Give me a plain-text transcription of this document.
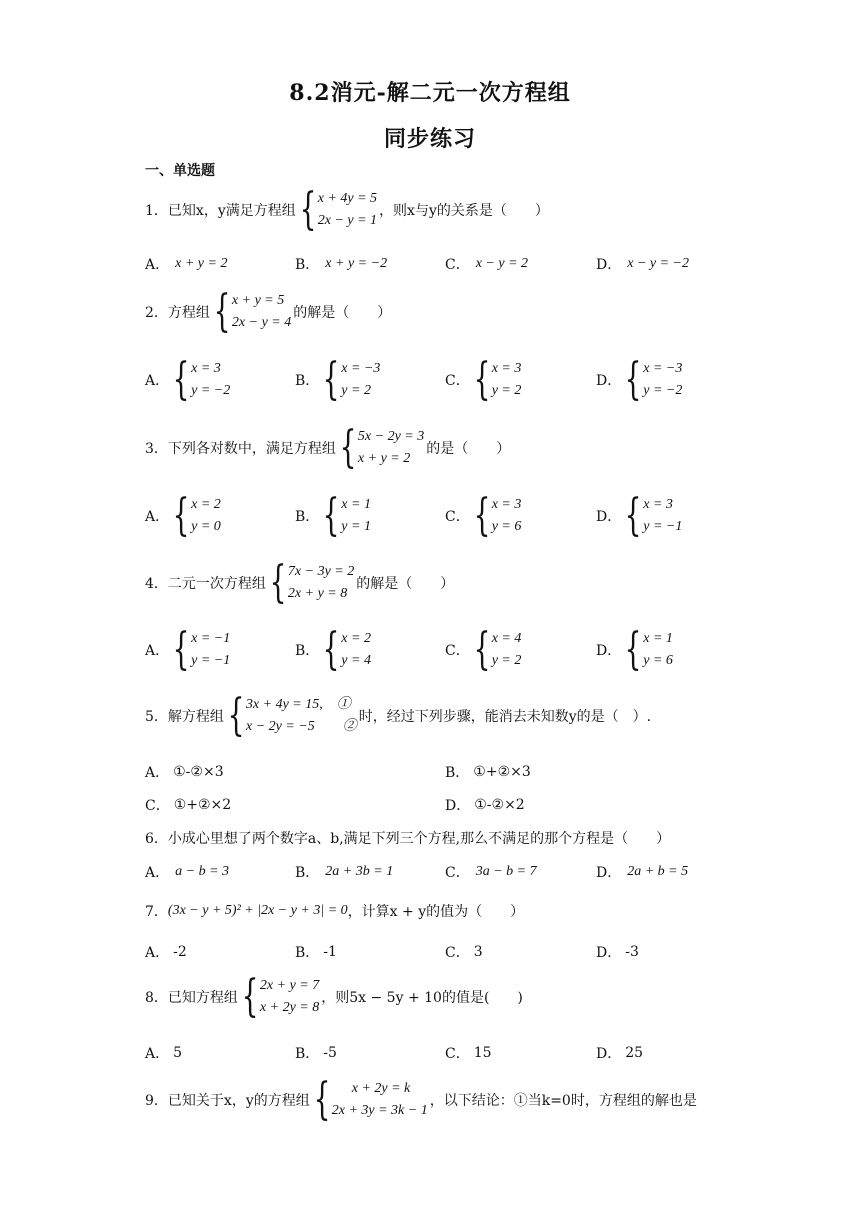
8.2消元-解二元一次方程组
同步练习
一、单选题
1． 已知x，y满足方程组 { x + 4y = 5
2x − y = 1
，则x与y的关系是（　　）
A． x + y = 2	B． x + y = −2	C． x − y = 2	D． x − y = −2
2． 方程组 { x + y = 5
2x − y = 4
的解是（　　）
A． { x = 3
y = −2
B． { x = −3
y = 2
C． { x = 3
y = 2
D． { x = −3
y = −2
3． 下列各对数中，满足方程组 { 5x − 2y = 3
x + y = 2
的是（　　）
A． { x = 2
y = 0
B． { x = 1
y = 1
C． { x = 3
y = 6
D． { x = 3
y = −1
4． 二元一次方程组 { 7x − 3y = 2
2x + y = 8
的解是（　　）
A． { x = −1
y = −1
B． { x = 2
y = 4
C． { x = 4
y = 2
D． { x = 1
y = 6
5． 解方程组 { 3x + 4y = 15,　①
x − 2y = −5　　②
时，经过下列步骤，能消去未知数y的是（　）.
A． ①-②×3	B． ①+②×3
C． ①+②×2	D． ①-②×2
6． 小成心里想了两个数字a、b,满足下列三个方程,那么不满足的那个方程是（　　）
A． a − b = 3	B． 2a + 3b = 1	C． 3a − b = 7	D． 2a + b = 5
7． (3x − y + 5)² + |2x − y + 3| = 0 ，计算x + y的值为（　　）
A． -2	B． -1	C． 3	D． -3
8． 已知方程组 { 2x + y = 7
x + 2y = 8
，则5x − 5y + 10的值是(　　)
A． 5	B． -5	C． 15	D． 25
9． 已知关于x，y的方程组 {	x + 2y = k
2x + 3y = 3k − 1
，以下结论：①当k=0时，方程组的解也是
